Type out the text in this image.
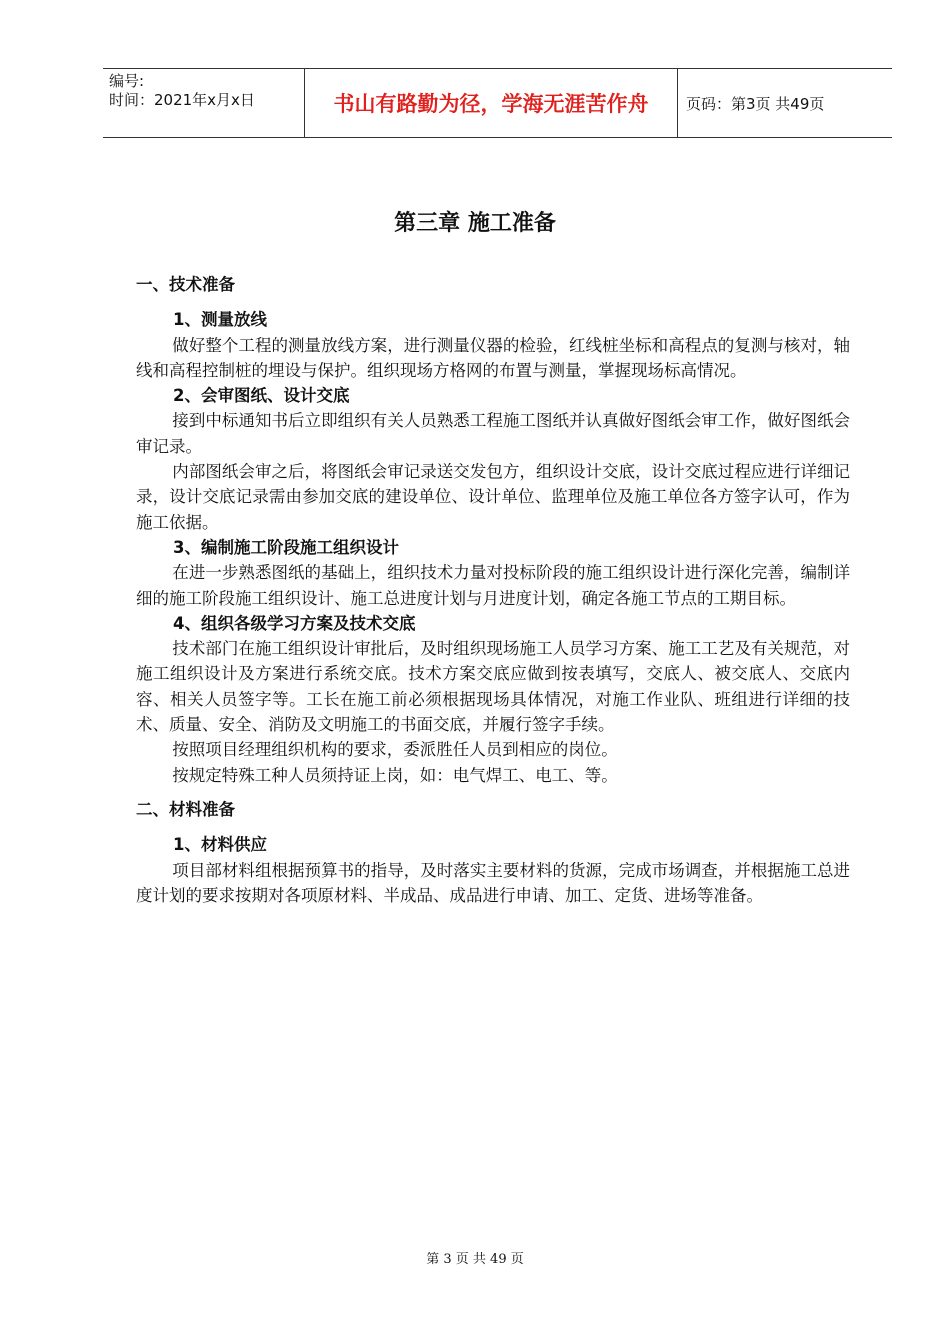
编号:
时间：2021年x月x日	书山有路勤为径，学海无涯苦作舟	页码：第3页 共49页
第三章 施工准备

一、技术准备

1、测量放线

做好整个工程的测量放线方案，进行测量仪器的检验，红线桩坐标和高程点的复测与核对，轴线和高程控制桩的埋设与保护。组织现场方格网的布置与测量，掌握现场标高情况。

2、会审图纸、设计交底

接到中标通知书后立即组织有关人员熟悉工程施工图纸并认真做好图纸会审工作，做好图纸会审记录。

内部图纸会审之后，将图纸会审记录送交发包方，组织设计交底，设计交底过程应进行详细记录，设计交底记录需由参加交底的建设单位、设计单位、监理单位及施工单位各方签字认可，作为施工依据。

3、编制施工阶段施工组织设计

在进一步熟悉图纸的基础上，组织技术力量对投标阶段的施工组织设计进行深化完善，编制详细的施工阶段施工组织设计、施工总进度计划与月进度计划，确定各施工节点的工期目标。

4、组织各级学习方案及技术交底

技术部门在施工组织设计审批后，及时组织现场施工人员学习方案、施工工艺及有关规范，对施工组织设计及方案进行系统交底。技术方案交底应做到按表填写，交底人、被交底人、交底内容、相关人员签字等。工长在施工前必须根据现场具体情况，对施工作业队、班组进行详细的技术、质量、安全、消防及文明施工的书面交底，并履行签字手续。

按照项目经理组织机构的要求，委派胜任人员到相应的岗位。

按规定特殊工种人员须持证上岗，如：电气焊工、电工、等。

二、材料准备

1、材料供应

项目部材料组根据预算书的指导，及时落实主要材料的货源，完成市场调查，并根据施工总进度计划的要求按期对各项原材料、半成品、成品进行申请、加工、定货、进场等准备。

第 3 页 共 49 页
